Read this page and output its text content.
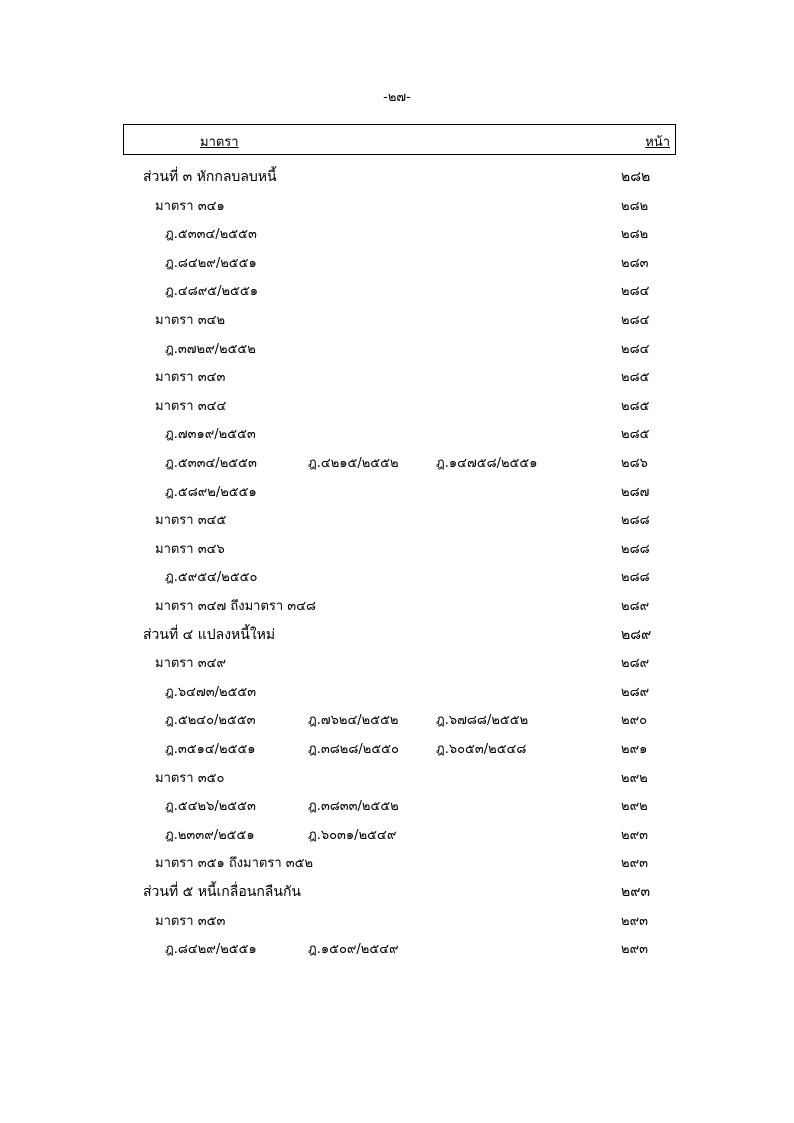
-๒๗-
มาตรา	หน้า
ส่วนที่ ๓ หักกลบลบหนี้	๒๘๒
มาตรา ๓๔๑	๒๘๒
ฎ.๕๓๓๔/๒๕๕๓	๒๘๒
ฎ.๘๔๒๙/๒๕๕๑	๒๘๓
ฎ.๔๘๙๕/๒๕๕๑	๒๘๔
มาตรา ๓๔๒	๒๘๔
ฎ.๓๗๒๙/๒๕๕๒	๒๘๔
มาตรา ๓๔๓	๒๘๕
มาตรา ๓๔๔	๒๘๕
ฎ.๗๓๑๙/๒๕๕๓	๒๘๕
ฎ.๕๓๓๔/๒๕๕๓	ฎ.๔๒๑๕/๒๕๕๒	ฎ.๑๔๗๕๘/๒๕๕๑	๒๘๖
ฎ.๕๘๙๒/๒๕๕๑	๒๘๗
มาตรา ๓๔๕	๒๘๘
มาตรา ๓๔๖	๒๘๘
ฎ.๕๙๕๔/๒๕๕๐	๒๘๘
มาตรา ๓๔๗ ถึงมาตรา ๓๔๘	๒๘๙
ส่วนที่ ๔ แปลงหนี้ใหม่	๒๘๙
มาตรา ๓๔๙	๒๘๙
ฎ.๖๔๗๓/๒๕๕๓	๒๘๙
ฎ.๕๒๔๐/๒๕๕๓	ฎ.๗๖๒๔/๒๕๕๒	ฎ.๖๗๘๘/๒๕๕๒	๒๙๐
ฎ.๓๕๑๔/๒๕๕๑	ฎ.๓๘๒๘/๒๕๕๐	ฎ.๖๐๕๓/๒๕๔๘	๒๙๑
มาตรา ๓๕๐	๒๙๒
ฎ.๕๔๒๖/๒๕๕๓	ฎ.๓๘๓๓/๒๕๕๒	๒๙๒
ฎ.๒๓๓๙/๒๕๕๑	ฎ.๖๐๓๑/๒๕๔๙	๒๙๓
มาตรา ๓๕๑ ถึงมาตรา ๓๕๒	๒๙๓
ส่วนที่ ๕ หนี้เกลื่อนกลืนกัน	๒๙๓
มาตรา ๓๕๓	๒๙๓
ฎ.๘๔๒๙/๒๕๕๑	ฎ.๑๕๐๙/๒๕๔๙	๒๙๓
